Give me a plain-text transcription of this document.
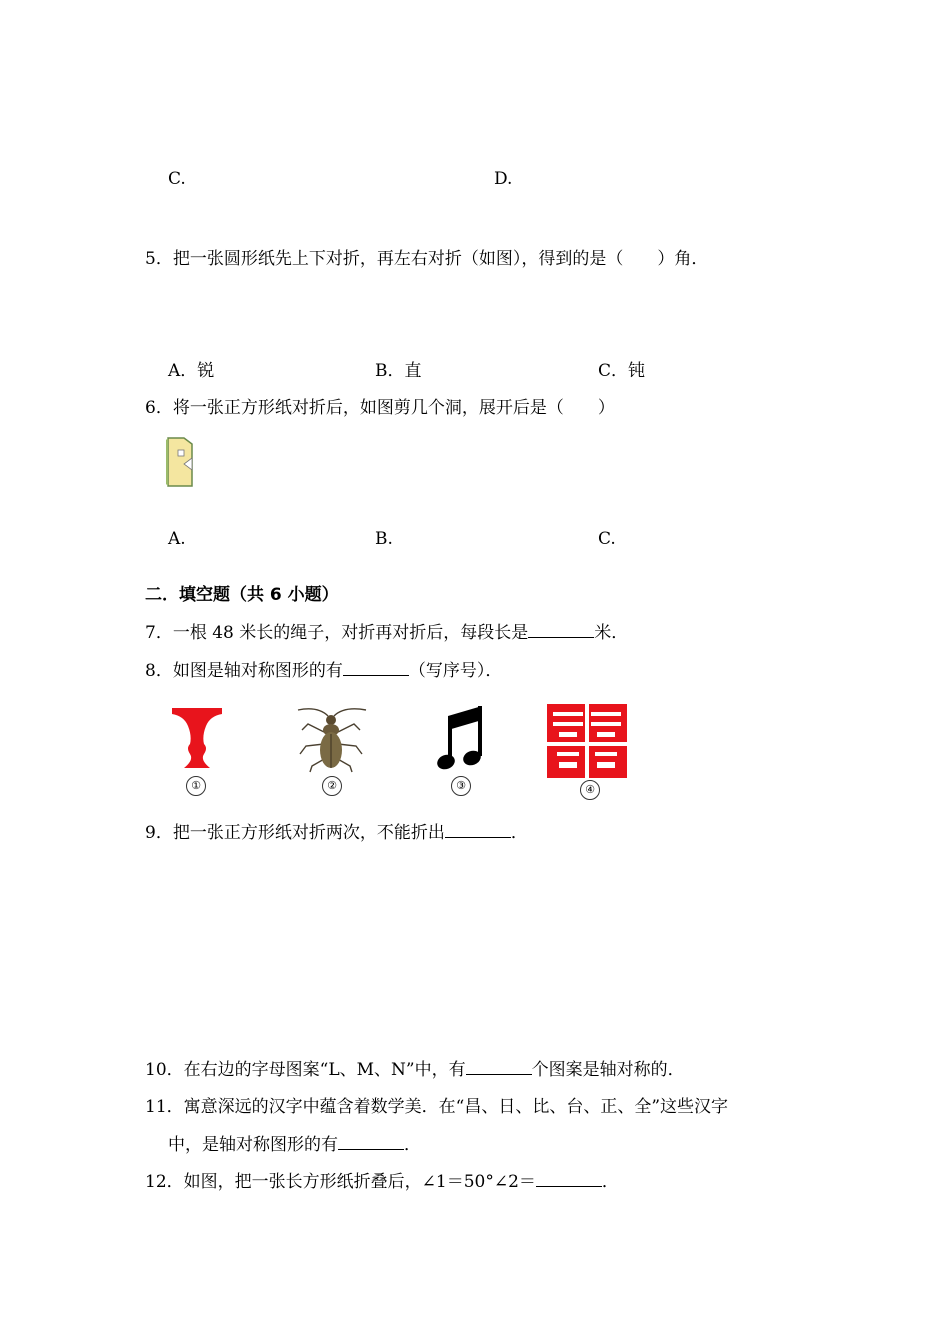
C.	D.
5．把一张圆形纸先上下对折，再左右对折（如图），得到的是（　　）角．
A．锐	B．直	C．钝
6．将一张正方形纸对折后，如图剪几个洞，展开后是（　　）
A.	B.	C.
二．填空题（共 6 小题）
7．一根 48 米长的绳子，对折再对折后，每段长是	米．
8．如图是轴对称图形的有	（写序号）．
①	②	③	④
9．把一张正方形纸对折两次，不能折出	．
10．在右边的字母图案“L、M、N”中，有	个图案是轴对称的．
11．寓意深远的汉字中蕴含着数学美．在“昌、日、比、台、正、全”这些汉字
中，是轴对称图形的有	．
12．如图，把一张长方形纸折叠后，∠1＝50°∠2＝	．
